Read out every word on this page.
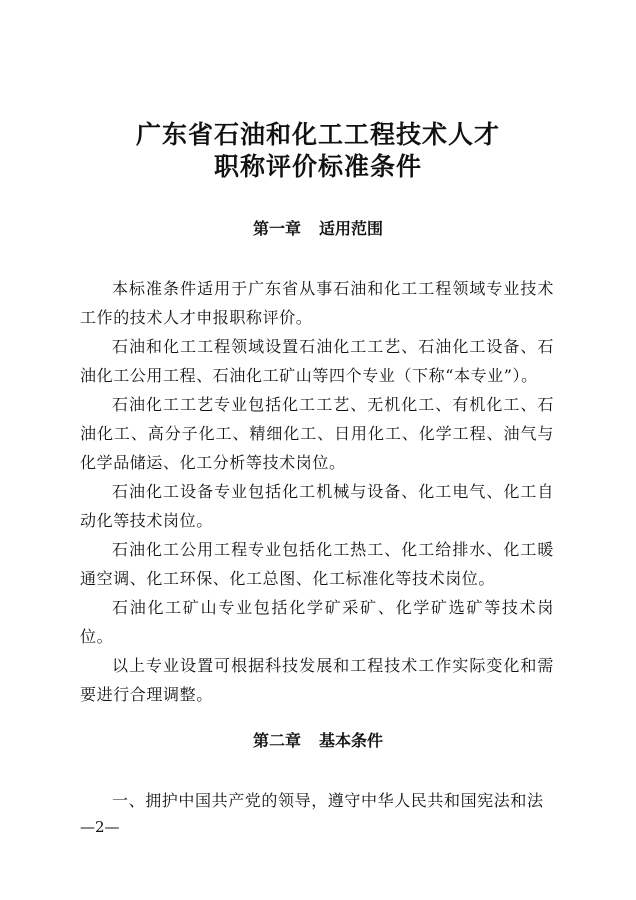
广东省石油和化工工程技术人才
职称评价标准条件
第一章 适用范围

本标准条件适用于广东省从事石油和化工工程领域专业技术工作的技术人才申报职称评价。

石油和化工工程领域设置石油化工工艺、石油化工设备、石油化工公用工程、石油化工矿山等四个专业（下称“本专业”）。

石油化工工艺专业包括化工工艺、无机化工、有机化工、石油化工、高分子化工、精细化工、日用化工、化学工程、油气与化学品储运、化工分析等技术岗位。

石油化工设备专业包括化工机械与设备、化工电气、化工自动化等技术岗位。

石油化工公用工程专业包括化工热工、化工给排水、化工暖通空调、化工环保、化工总图、化工标准化等技术岗位。

石油化工矿山专业包括化学矿采矿、化学矿选矿等技术岗位。

以上专业设置可根据科技发展和工程技术工作实际变化和需要进行合理调整。

第二章 基本条件

一、拥护中国共产党的领导，遵守中华人民共和国宪法和法

—2—
